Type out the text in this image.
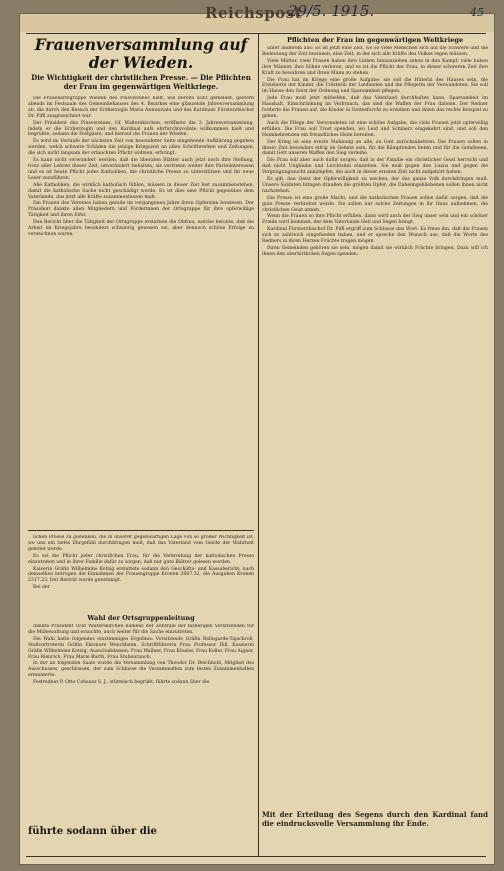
Reichspost
29/5. 1915.	45
Frauenversammlung auf der Wieden.
Die Wichtigkeit der christlichen Presse. — Die Pflichten der Frau im gegenwärtigen Weltkriege.

Die Frauenortsgruppe Wieden des Piusvereines hielt, wie bereits kurz gemeldet, gestern abends im Festsaale des Gemeindehauses des 4. Bezirkes eine glänzende Jahresversammlung ab, die durch den Besuch der Erzherzogin Maria Annunziata und des Kardinals Fürsterzbischof Dr. Piffl ausgezeichnet war.

Der Präsident des Piusvereines, Gf. Walterskirchen, eröffnete die 3. Jahresversammlung, indem er die Erzherzogin und den Kardinal aufs ehrfurchtsvollste willkommen hieß und begrüßte, sodann die Festgäste, und hierauf die Frauen der Wieden.

Es wird im Verlaufe der nächsten Zeit von besonderer Seite eingehende Aufklärung gegeben werden, welch schwere Schäden die jetzige Kriegszeit an allen Schriftwerken und Zeitungen, die sich nicht langsam der erlauchten Pflicht widmen, erbringt.

Es kann nicht verwundert werden, daß die liberalen Blätter auch jetzt noch ihre Stellung, trotz aller Lehren dieser Zeit, unverändert behalten; sie vertreten weiter ihre Parteiinteressen und es ist heute Pflicht jedes Katholiken, die christliche Presse zu unterstützen und ihr neue Leser zuzuführen.

Alle Katholiken, die wirklich katholisch fühlen, müssen in dieser Zeit fest zusammenstehen, damit die katholische Sache nicht geschädigt werde. Es ist dies eine Pflicht gegenüber dem Vaterlande, das jetzt alle Kräfte zusammenfassen muß.

Die Frauen des Vereines haben gerade im vergangenen Jahre ihren Opfersinn bewiesen. Der Präsident dankte allen Mitgliedern und Förderinnen der Ortsgruppe für ihre opferwillige Tätigkeit und ihren Eifer.

Den Bericht über die Tätigkeit der Ortsgruppe erstattete die Obfrau, welche betonte, daß die Arbeit im Kriegsjahre besonders schwierig gewesen sei, aber dennoch schöne Erfolge zu verzeichnen waren.

lichen Presse zu gedenken, die in unserer gegenwärtigen Lage von so großer Wichtigkeit ist, wo uns ein tiefes Ehrgefühl durchdringen muß, daß das Vaterland vom Geiste der Wahrheit geleitet werde.

Es sei die Pflicht jeder christlichen Frau, für die Verbreitung der katholischen Presse einzutreten und in ihrer Familie dafür zu sorgen, daß nur gute Blätter gelesen werden.

Kaiserin Gräfin Wilhelmine Kotzig erstattete sodann den Geschäfts- und Kassabericht; nach demselben betrugen die Einnahmen der Frauengruppe Kronen 2687.32, die Ausgaben Kronen 2317.23. Der Bericht wurde genehmigt.

Bei der

Wahl der Ortsgruppenleitung

dankte Präsident Graf Walterskirchen namens der Zentrale der bisherigen Vorsitzenden für die Mühewaltung und ersuchte, auch weiter für die Sache einzutreten.

Die Wahl hatte folgendes einstimmiges Ergebnis: Vorsitzende Gräfin Bellegarde-Tajachroll, Stellvertreterin Gräfin Eleonore Wenckheim, Schriftführerin Frau Professor Dill, Kassierin Gräfin Wilhelmine Kotzig; Ausschußdamen: Frau Wallner, Frau Kössler, Frau Koller, Frau Aigner, Frau Rienrich, Frau Marie Barth, Frau Stubenrauch.

In der an folgenden Saale wurde die Versammlung von Theodor Dr. Beichhold, Mitglied des Ausschusses, geschlossen, der zum Schlusse die Versammelten zum festen Zusammenhalten ermunterte.

Festredner P. Otto Cohausz S. J., stürmisch begrüßt, führte sodann über die

führte sodann über die
Pflichten der Frau im gegenwärtigen Weltkriege

unter anderem aus: Es ist jetzt eine Zeit, wo so viele Menschen sich auf die Schwere und die Bedeutung der Zeit besinnen, eine Zeit, in der sich alle Kräfte des Volkes regen müssen.

Viele Mütter, viele Frauen haben ihre Lieben hinausziehen sehen in den Kampf; viele haben ihre Männer, ihre Söhne verloren, und es ist die Pflicht der Frau, in dieser schweren Zeit ihre Kraft zu bewahren und ihren Mann zu stehen.

Die Frau hat im Kriege eine große Aufgabe: sie soll die Hüterin des Hauses sein, die Erzieherin der Kinder, die Trösterin der Leidenden und die Pflegerin der Verwundeten. Sie soll im Hause den Geist der Ordnung und Sparsamkeit pflegen.

Jede Frau muß jetzt mithelfen, daß das Vaterland durchhalten kann. Sparsamkeit im Haushalt, Einschränkung im Verbrauch, das sind die Waffen der Frau daheim. Der Redner forderte die Frauen auf, die Kinder in Gottesfurcht zu erziehen und ihnen das rechte Beispiel zu geben.

Auch die Pflege der Verwundeten ist eine schöne Aufgabe, die viele Frauen jetzt opferwillig erfüllen. Die Frau soll Trost spenden, wo Leid und Schmerz eingekehrt sind, und soll den Heimkehrenden ein freundliches Heim bereiten.

Der Krieg ist eine ernste Mahnung an alle, zu Gott zurückzukehren. Die Frauen sollen in dieser Zeit besonders eifrig im Gebete sein, für die Kämpfenden beten und für die Gefallenen, damit Gott unseren Waffen den Sieg verleihe.

Die Frau soll aber auch dafür sorgen, daß in der Familie ein christlicher Geist herrscht und daß nicht Unglaube und Leichtsinn einziehen. Sie muß gegen den Luxus und gegen die Vergnügungssucht ankämpfen, die auch in dieser ernsten Zeit nicht aufgehört haben.

Es gilt, den Geist der Opferwilligkeit zu wecken, der das ganze Volk durchdringen muß. Unsere Soldaten bringen draußen die größten Opfer; die Daheimgebliebenen sollen ihnen nicht nachstehen.

Die Presse ist eine große Macht, und die katholischen Frauen sollen dafür sorgen, daß die gute Presse verbreitet werde. Sie sollen nur solche Zeitungen in ihr Haus aufnehmen, die christlichen Geist atmen.

Wenn die Frauen so ihre Pflicht erfüllen, dann wird auch der Sieg unser sein und ein schöner Friede wird kommen, der dem Vaterlande Heil und Segen bringt.

Kardinal Fürsterzbischof Dr. Piffl ergriff zum Schlusse das Wort: Es freue ihn, daß die Frauen sich so zahlreich eingefunden haben, und er spreche den Wunsch aus, daß die Worte des Redners in ihren Herzen Früchte tragen mögen.

Ihren Gemeinden gehören sie sein, mögen damit sie wirklich Früchte bringen. Dazu will ich ihnen den oberhirtlichen Segen spenden.

Mit der Erteilung des Segens durch den Kardinal fand die eindrucksvolle Versammlung ihr Ende.
